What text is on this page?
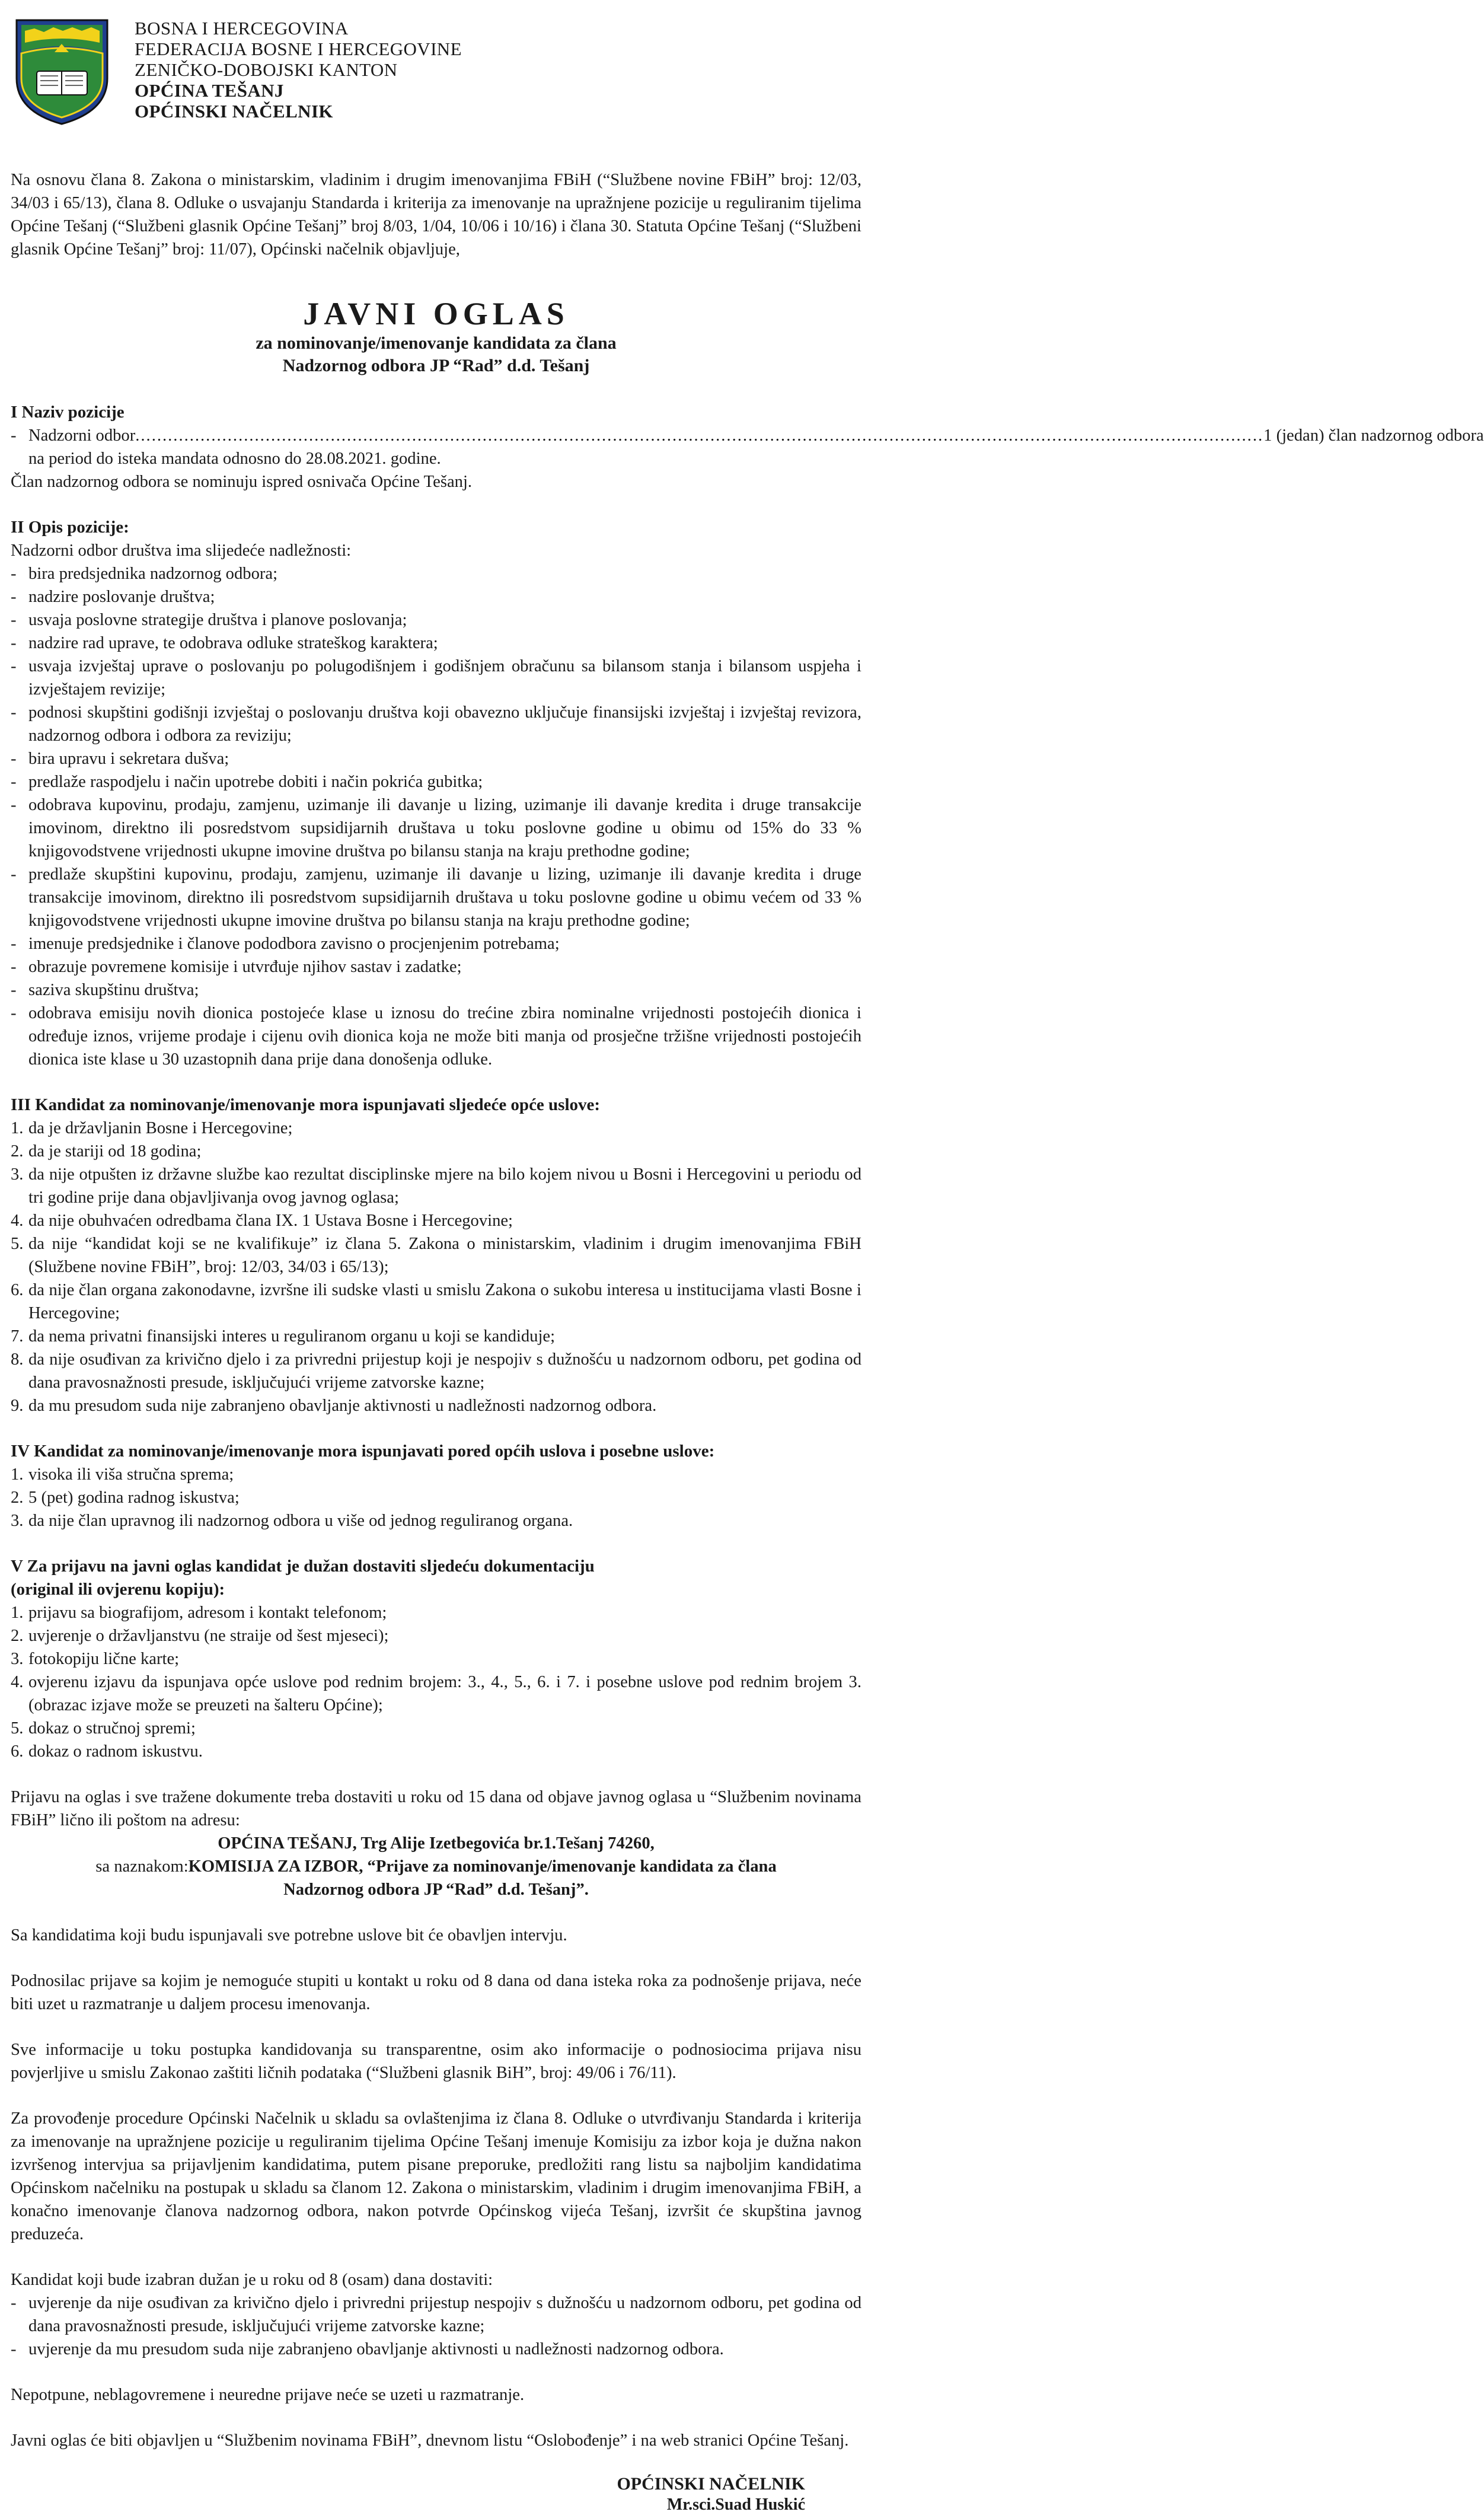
BOSNA I HERCEGOVINA
FEDERACIJA BOSNE I HERCEGOVINE
ZENIČKO-DOBOJSKI KANTON
OPĆINA TEŠANJ
OPĆINSKI NAČELNIK

Na osnovu člana 8. Zakona o ministarskim, vladinim i drugim imenovanjima FBiH (“Službene novine FBiH” broj: 12/03, 34/03 i 65/13), člana 8. Odluke o usvajanju Standarda i kriterija za imenovanje na upražnjene pozicije u reguliranim tijelima Općine Tešanj (“Službeni glasnik Općine Tešanj” broj 8/03, 1/04, 10/06 i 10/16) i člana 30. Statuta Općine Tešanj (“Službeni glasnik Općine Tešanj” broj: 11/07), Općinski načelnik objavljuje,

JAVNI OGLAS
za nominovanje/imenovanje kandidata za člana
Nadzornog odbora JP “Rad” d.d. Tešanj
I Naziv pozicije
- Nadzorni odbor
.....	1 (jedan) član nadzornog odbora
na period do isteka mandata odnosno do 28.08.2021. godine.

Član nadzornog odbora se nominuju ispred osnivača Općine Tešanj.

II Opis pozicije:

Nadzorni odbor društva ima slijedeće nadležnosti:

- bira predsjednika nadzornog odbora;
- nadzire poslovanje društva;
- usvaja poslovne strategije društva i planove poslovanja;
- nadzire rad uprave, te odobrava odluke strateškog karaktera;
- usvaja izvještaj uprave o poslovanju po polugodišnjem i godišnjem obračunu sa bilansom stanja i bilansom uspjeha i izvještajem revizije;
- podnosi skupštini godišnji izvještaj o poslovanju društva koji obavezno uključuje finansijski izvještaj i izvještaj revizora, nadzornog odbora i odbora za reviziju;
- bira upravu i sekretara dušva;
- predlaže raspodjelu i način upotrebe dobiti i način pokrića gubitka;
- odobrava kupovinu, prodaju, zamjenu, uzimanje ili davanje u lizing, uzimanje ili davanje kredita i druge transakcije imovinom, direktno ili posredstvom supsidijarnih društava u toku poslovne godine u obimu od 15% do 33 % knjigovodstvene vrijednosti ukupne imovine društva po bilansu stanja na kraju prethodne godine;
- predlaže skupštini kupovinu, prodaju, zamjenu, uzimanje ili davanje u lizing, uzimanje ili davanje kredita i druge transakcije imovinom, direktno ili posredstvom supsidijarnih društava u toku poslovne godine u obimu većem od 33 % knjigovodstvene vrijednosti ukupne imovine društva po bilansu stanja na kraju prethodne godine;
- imenuje predsjednike i članove pododbora zavisno o procjenjenim potrebama;
- obrazuje povremene komisije i utvrđuje njihov sastav i zadatke;
- saziva skupštinu društva;
- odobrava emisiju novih dionica postojeće klase u iznosu do trećine zbira nominalne vrijednosti postojećih dionica i određuje iznos, vrijeme prodaje i cijenu ovih dionica koja ne može biti manja od prosječne tržišne vrijednosti postojećih dionica iste klase u 30 uzastopnih dana prije dana donošenja odluke.
III Kandidat za nominovanje/imenovanje mora ispunjavati sljedeće opće uslove:
1. da je državljanin Bosne i Hercegovine;
2. da je stariji od 18 godina;
3. da nije otpušten iz državne službe kao rezultat disciplinske mjere na bilo kojem nivou u Bosni i Hercegovini u periodu od tri godine prije dana objavljivanja ovog javnog oglasa;
4. da nije obuhvaćen odredbama člana IX. 1 Ustava Bosne i Hercegovine;
5. da nije “kandidat koji se ne kvalifikuje” iz člana 5. Zakona o ministarskim, vladinim i drugim imenovanjima FBiH (Službene novine FBiH”, broj: 12/03, 34/03 i 65/13);
6. da nije član organa zakonodavne, izvršne ili sudske vlasti u smislu Zakona o sukobu interesa u institucijama vlasti Bosne i Hercegovine;
7. da nema privatni finansijski interes u reguliranom organu u koji se kandiduje;
8. da nije osuđivan za krivično djelo i za privredni prijestup koji je nespojiv s dužnošću u nadzornom odboru, pet godina od dana pravosnažnosti presude, isključujući vrijeme zatvorske kazne;
9. da mu presudom suda nije zabranjeno obavljanje aktivnosti u nadležnosti nadzornog odbora.
IV Kandidat za nominovanje/imenovanje mora ispunjavati pored općih uslova i posebne uslove:
1. visoka ili viša stručna sprema;
2. 5 (pet) godina radnog iskustva;
3. da nije član upravnog ili nadzornog odbora u više od jednog reguliranog organa.
V Za prijavu na javni oglas kandidat je dužan dostaviti sljedeću dokumentaciju
(original ili ovjerenu kopiju):
1. prijavu sa biografijom, adresom i kontakt telefonom;
2. uvjerenje o državljanstvu (ne straije od šest mjeseci);
3. fotokopiju lične karte;
4. ovjerenu izjavu da ispunjava opće uslove pod rednim brojem: 3., 4., 5., 6. i 7. i posebne uslove pod rednim brojem 3. (obrazac izjave može se preuzeti na šalteru Općine);
5. dokaz o stručnoj spremi;
6. dokaz o radnom iskustvu.

Prijavu na oglas i sve tražene dokumente treba dostaviti u roku od 15 dana od objave javnog oglasa u “Službenim novinama FBiH” lično ili poštom na adresu:

OPĆINA TEŠANJ, Trg Alije Izetbegovića br.1.Tešanj 74260,
sa naznakom:KOMISIJA ZA IZBOR, “Prijave za nominovanje/imenovanje kandidata za člana
Nadzornog odbora JP “Rad” d.d. Tešanj”.

Sa kandidatima koji budu ispunjavali sve potrebne uslove bit će obavljen intervju.

Podnosilac prijave sa kojim je nemoguće stupiti u kontakt u roku od 8 dana od dana isteka roka za podnošenje prijava, neće biti uzet u razmatranje u daljem procesu imenovanja.

Sve informacije u toku postupka kandidovanja su transparentne, osim ako informacije o podnosiocima prijava nisu povjerljive u smislu Zakonao zaštiti ličnih podataka (“Službeni glasnik BiH”, broj: 49/06 i 76/11).

Za provođenje procedure Općinski Načelnik u skladu sa ovlaštenjima iz člana 8. Odluke o utvrđivanju Standarda i kriterija za imenovanje na upražnjene pozicije u reguliranim tijelima Općine Tešanj imenuje Komisiju za izbor koja je dužna nakon izvršenog intervjua sa prijavljenim kandidatima, putem pisane preporuke, predložiti rang listu sa najboljim kandidatima Općinskom načelniku na postupak u skladu sa članom 12. Zakona o ministarskim, vladinim i drugim imenovanjima FBiH, a konačno imenovanje članova nadzornog odbora, nakon potvrde Općinskog vijeća Tešanj, izvršit će skupština javnog preduzeća.

Kandidat koji bude izabran dužan je u roku od 8 (osam) dana dostaviti:

- uvjerenje da nije osuđivan za krivično djelo i privredni prijestup nespojiv s dužnošću u nadzornom odboru, pet godina od dana pravosnažnosti presude, isključujući vrijeme zatvorske kazne;
- uvjerenje da mu presudom suda nije zabranjeno obavljanje aktivnosti u nadležnosti nadzornog odbora.

Nepotpune, neblagovremene i neuredne prijave neće se uzeti u razmatranje.

Javni oglas će biti objavljen u “Službenim novinama FBiH”, dnevnom listu “Oslobođenje” i na web stranici Općine Tešanj.

OPĆINSKI NAČELNIK
Mr.sci.Suad Huskić
